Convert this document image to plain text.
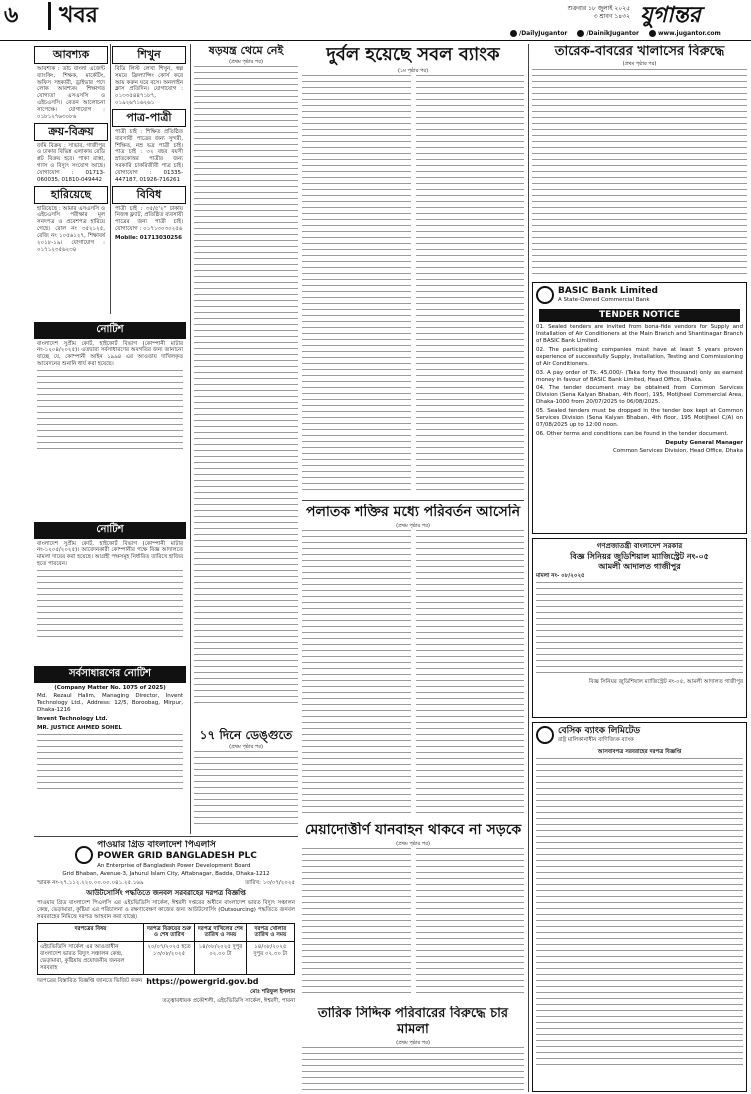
৬	খবর	শুক্রবার ১৮ জুলাই ২০২৫
৩ শ্রাবণ ১৪৩২ যুগান্তর
/DailyJugantor	/DainikJugantor	www.jugantor.com
আবশ্যক
আবশ্যক : ডাচ বাংলা এজেন্ট ব্যাংকিং, শিক্ষক, মার্কেটিং, অফিস সহকারী, ড্রাইভার পদে লোক আবশ্যক। শিক্ষাগত যোগ্যতা এসএসসি ও এইচএসসি। বেতন আলোচনা সাপেক্ষে। যোগাযোগ : ০১৮১২৭৬৩০৮৬
ক্রয়-বিক্রয়
জমি বিক্রয় : সাভার, গাজীপুর ও ঢাকার বিভিন্ন এলাকায় রেডি প্লট বিক্রয় হবে। পাকা রাস্তা, গ্যাস ও বিদ্যুৎ সংযোগ আছে। যোগাযোগ : 01713-060035, 01810-049442
হারিয়েছে
হারিয়েছে : আমার এসএসসি ও এইচএসসি পরীক্ষার মূল সনদপত্র ও প্রবেশপত্র হারিয়ে গেছে। রোল নং ৩৫২১২৫, রেজি নং ১০৫৬১২৭, শিক্ষাবর্ষ ২০১৮-১৯। যোগাযোগ : ০১৭১২৩৫৬২৩৪
শিখুন
বিডি লিস্ট লেখা শিখুন, স্বল্প সময়ে ফ্রিল্যান্সিং কোর্স করে আয় করুন ঘরে বসে। অনলাইন ক্লাস প্রতিদিন। যোগাযোগ : ০১৩৩৫৪৪৭১৮৭, ০১৯২৬৭১৬২৬১
পাত্র-পাত্রী
পাত্রী চাই : শিক্ষিত প্রতিষ্ঠিত ব্যবসায়ী পাত্রের জন্য সুন্দরী, শিক্ষিত, নম্র ভদ্র পাত্রী চাই। পাত্র চাই : ৩২ বছর বয়সী স্নাতকোত্তর পাত্রীর জন্য সরকারি চাকরিজীবী পাত্র চাই। যোগাযোগ : 01335-447187, 01926-716261
বিবিধ
পাত্রী চাই : ৩৫/৫'২" ঢাকায় নিজস্ব ফ্ল্যাট, প্রতিষ্ঠিত ব্যবসায়ী পাত্রের জন্য পাত্রী চাই। যোগাযোগ : ০১৭১৩০৩০২৫৬
Mobile: 01713030256
নোটিশ
বাংলাদেশ সুপ্রীম কোর্ট, হাইকোর্ট বিভাগ (কোম্পানী মাটার নং-১২০৪/২০২৫)। এতদ্বারা সর্বসাধারণের অবগতির জন্য জানানো যাচ্ছে যে, কোম্পানী আইন ১৯৯৪ এর আওতায় দাখিলকৃত আবেদনের শুনানি ধার্য করা হয়েছে।
নোটিশ
বাংলাদেশ সুপ্রীম কোর্ট, হাইকোর্ট বিভাগ (কোম্পানী মাটার নং-১২০৫/২০২৫)। আবেদনকারী কোম্পানীর পক্ষে বিজ্ঞ আদালতে মামলা দায়ের করা হয়েছে। আগ্রহী পক্ষসমূহ নির্ধারিত তারিখে হাজির হতে পারবেন।
সর্বসাধারণের নোটিশ
(Company Matter No. 1075 of 2025)
Md. Rezaul Halim, Managing Director, Invent Technology Ltd., Address: 12/5, Boroobag, Mirpur, Dhaka-1216
Invent Technology Ltd.
MR. JUSTICE AHMED SOHEL
ষড়যন্ত্র থেমে নেই
(প্রথম পৃষ্ঠার পর)
১৭ দিনে ডেঙ্গুতে
(প্রথম পৃষ্ঠার পর)
দুর্বল হয়েছে সবল ব্যাংক
(১ম পৃষ্ঠার পর)
পলাতক শক্তির মধ্যে পরিবর্তন আসেনি
(প্রথম পৃষ্ঠার পর)
মেয়াদোত্তীর্ণ যানবাহন থাকবে না সড়কে
(প্রথম পৃষ্ঠার পর)
তারিক সিদ্দিক পরিবারের বিরুদ্ধে চার মামলা
(প্রথম পৃষ্ঠার পর)
তারেক-বাবরের খালাসের বিরুদ্ধে
(প্রথম পৃষ্ঠার পর)
BASIC Bank Limited
A State-Owned Commercial Bank
TENDER NOTICE
01. Sealed tenders are invited from bona-fide vendors for Supply and Installation of Air Conditioners at the Main Branch and Shantinagar Branch of BASIC Bank Limited.
02. The participating companies must have at least 5 years proven experience of successfully Supply, Installation, Testing and Commissioning of Air Conditioners.
03. A pay order of Tk. 45,000/- (Taka forty five thousand) only as earnest money in favour of BASIC Bank Limited, Head Office, Dhaka.
04. The tender document may be obtained from Common Services Division (Sena Kalyan Bhaban, 4th floor), 195, Motijheel Commercial Area, Dhaka-1000 from 20/07/2025 to 06/08/2025.
05. Sealed tenders must be dropped in the tender box kept at Common Services Division (Sena Kalyan Bhaban, 4th floor, 195 Motijheel C/A) on 07/08/2025 up to 12:00 noon.
06. Other terms and conditions can be found in the tender document.
Deputy General Manager
Common Services Division, Head Office, Dhaka
গণপ্রজাতন্ত্রী বাংলাদেশ সরকার
বিজ্ঞ সিনিয়র জুডিশিয়াল ম্যাজিস্ট্রেট নং-০৫
আমলী আদালত গাজীপুর
মামলা নং- ০৮/২০২৫
বিজ্ঞ সিনিয়র জুডিশিয়াল ম্যাজিস্ট্রেট নং-০৫, আমলী আদালত গাজীপুর
বেসিক ব্যাংক লিমিটেড
রাষ্ট্র মালিকানাধীন বাণিজ্যিক ব্যাংক
আসবাবপত্র সরবরাহের দরপত্র বিজ্ঞপ্তি
পাওয়ার গ্রিড বাংলাদেশ পিএলসি
POWER GRID BANGLADESH PLC
An Enterprise of Bangladesh Power Development Board
Grid Bhaban, Avenue-3, Jahurul Islam City, Aftabnagar, Badda, Dhaka-1212
স্মারক নং-২৭.১১২.২২০.০০.০০.০৪১.২৫.১৬৯	তারিখ: ১৩/০৭/২০২৫
আউটসোর্সিং পদ্ধতিতে জনবল সরবরাহের দরপত্র বিজ্ঞপ্তি
পাওয়ার গ্রিড বাংলাদেশ পিএলসি এর এইচভিডিসি সার্কেল, ঈশ্বরদী দপ্তরের অধীনে বাংলাদেশ ভারত বিদ্যুৎ সঞ্চালন কেন্দ্র, ভেড়ামারা, কুষ্টিয়া এর পরিচালনা ও রক্ষণাবেক্ষণ কাজের জন্য আউটসোর্সিং (Outsourcing) পদ্ধতিতে জনবল সরবরাহের নিমিত্তে দরপত্র আহবান করা যাচ্ছে।
দরপত্রের বিষয়	দরপত্র বিক্রয়ের শুরু ও শেষ তারিখ	দরপত্র দাখিলের শেষ তারিখ ও সময়	দরপত্র খোলার তারিখ ও সময়
এইচভিডিসি সার্কেল এর আওতাধীন বাংলাদেশ ভারত বিদ্যুৎ সঞ্চালন কেন্দ্র, ভেড়ামারা, কুষ্টিয়ায় প্রয়োজনীয় জনবল সরবরাহ	২০/০৭/২০২৫ হতে ১৩/০৮/২০২৫	১৪/০৮/২০২৫ দুপুর ০২.০০ টা	১৪/০৮/২০২৫ দুপুর ০২.৩০ টা
দরপত্রের বিস্তারিত বিজ্ঞপ্তি জানতে ভিজিট করুন https://powergrid.gov.bd
মোঃ শরিফুল ইসলাম
তত্ত্বাবধায়ক প্রকৌশলী, এইচভিডিসি সার্কেল, ঈশ্বরদী, পাবনা
